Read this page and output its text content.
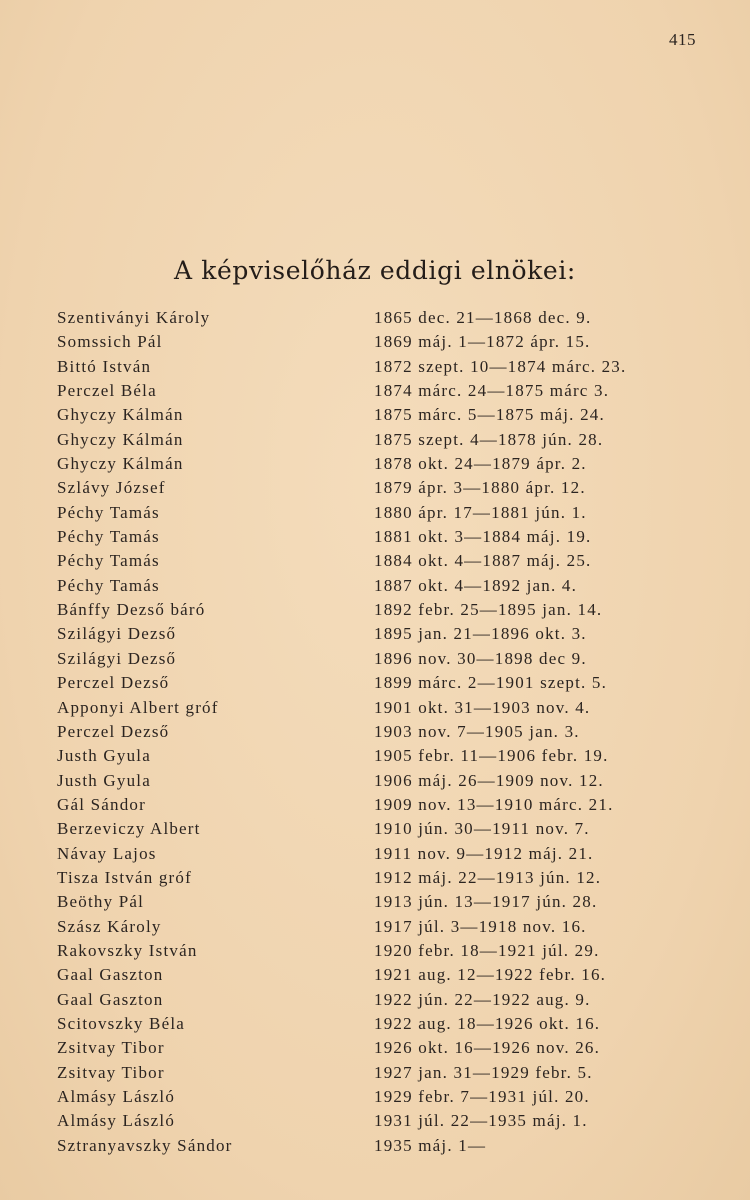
415
A képviselőház eddigi elnökei:
Szentiványi Károly	1865 dec. 21—1868 dec. 9.
Somssich Pál	1869 máj. 1—1872 ápr. 15.
Bittó István	1872 szept. 10—1874 márc. 23.
Perczel Béla	1874 márc. 24—1875 márc 3.
Ghyczy Kálmán	1875 márc. 5—1875 máj. 24.
Ghyczy Kálmán	1875 szept. 4—1878 jún. 28.
Ghyczy Kálmán	1878 okt. 24—1879 ápr. 2.
Szlávy József	1879 ápr. 3—1880 ápr. 12.
Péchy Tamás	1880 ápr. 17—1881 jún. 1.
Péchy Tamás	1881 okt. 3—1884 máj. 19.
Péchy Tamás	1884 okt. 4—1887 máj. 25.
Péchy Tamás	1887 okt. 4—1892 jan. 4.
Bánffy Dezső báró	1892 febr. 25—1895 jan. 14.
Szilágyi Dezső	1895 jan. 21—1896 okt. 3.
Szilágyi Dezső	1896 nov. 30—1898 dec 9.
Perczel Dezső	1899 márc. 2—1901 szept. 5.
Apponyi Albert gróf	1901 okt. 31—1903 nov. 4.
Perczel Dezső	1903 nov. 7—1905 jan. 3.
Justh Gyula	1905 febr. 11—1906 febr. 19.
Justh Gyula	1906 máj. 26—1909 nov. 12.
Gál Sándor	1909 nov. 13—1910 márc. 21.
Berzeviczy Albert	1910 jún. 30—1911 nov. 7.
Návay Lajos	1911 nov. 9—1912 máj. 21.
Tisza István gróf	1912 máj. 22—1913 jún. 12.
Beöthy Pál	1913 jún. 13—1917 jún. 28.
Szász Károly	1917 júl. 3—1918 nov. 16.
Rakovszky István	1920 febr. 18—1921 júl. 29.
Gaal Gaszton	1921 aug. 12—1922 febr. 16.
Gaal Gaszton	1922 jún. 22—1922 aug. 9.
Scitovszky Béla	1922 aug. 18—1926 okt. 16.
Zsitvay Tibor	1926 okt. 16—1926 nov. 26.
Zsitvay Tibor	1927 jan. 31—1929 febr. 5.
Almásy László	1929 febr. 7—1931 júl. 20.
Almásy László	1931 júl. 22—1935 máj. 1.
Sztranyavszky Sándor	1935 máj. 1—
